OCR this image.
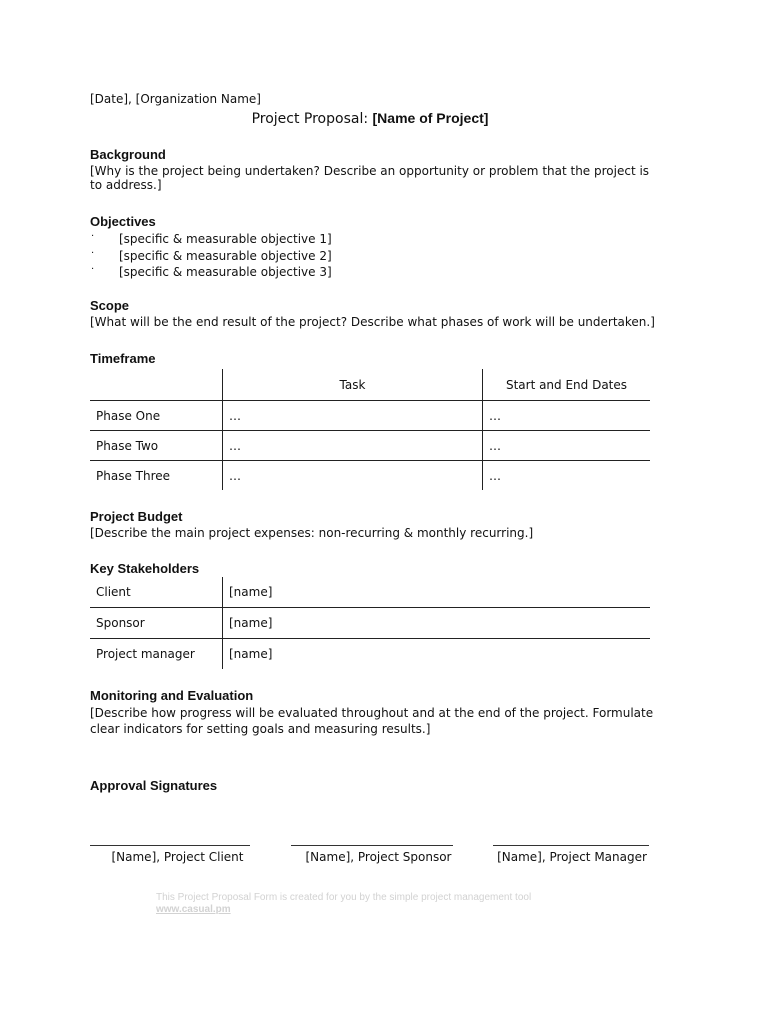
[Date], [Organization Name]
Project Proposal: [Name of Project]
Background

[Why is the project being undertaken? Describe an opportunity or problem that the project is to address.]

Objectives
· [specific & measurable objective 1]
· [specific & measurable objective 2]
· [specific & measurable objective 3]
Scope

[What will be the end result of the project? Describe what phases of work will be undertaken.]

Timeframe
	Task	Start and End Dates
Phase One	…	…
Phase Two	…	…
Phase Three	…	…
Project Budget

[Describe the main project expenses: non-recurring & monthly recurring.]

Key Stakeholders
Client	[name]
Sponsor	[name]
Project manager	[name]
Monitoring and Evaluation

[Describe how progress will be evaluated throughout and at the end of the project. Formulate clear indicators for setting goals and measuring results.]

Approval Signatures
[Name], Project Client	[Name], Project Sponsor	[Name], Project Manager
This Project Proposal Form is created for you by the simple project management tool
www.casual.pm
